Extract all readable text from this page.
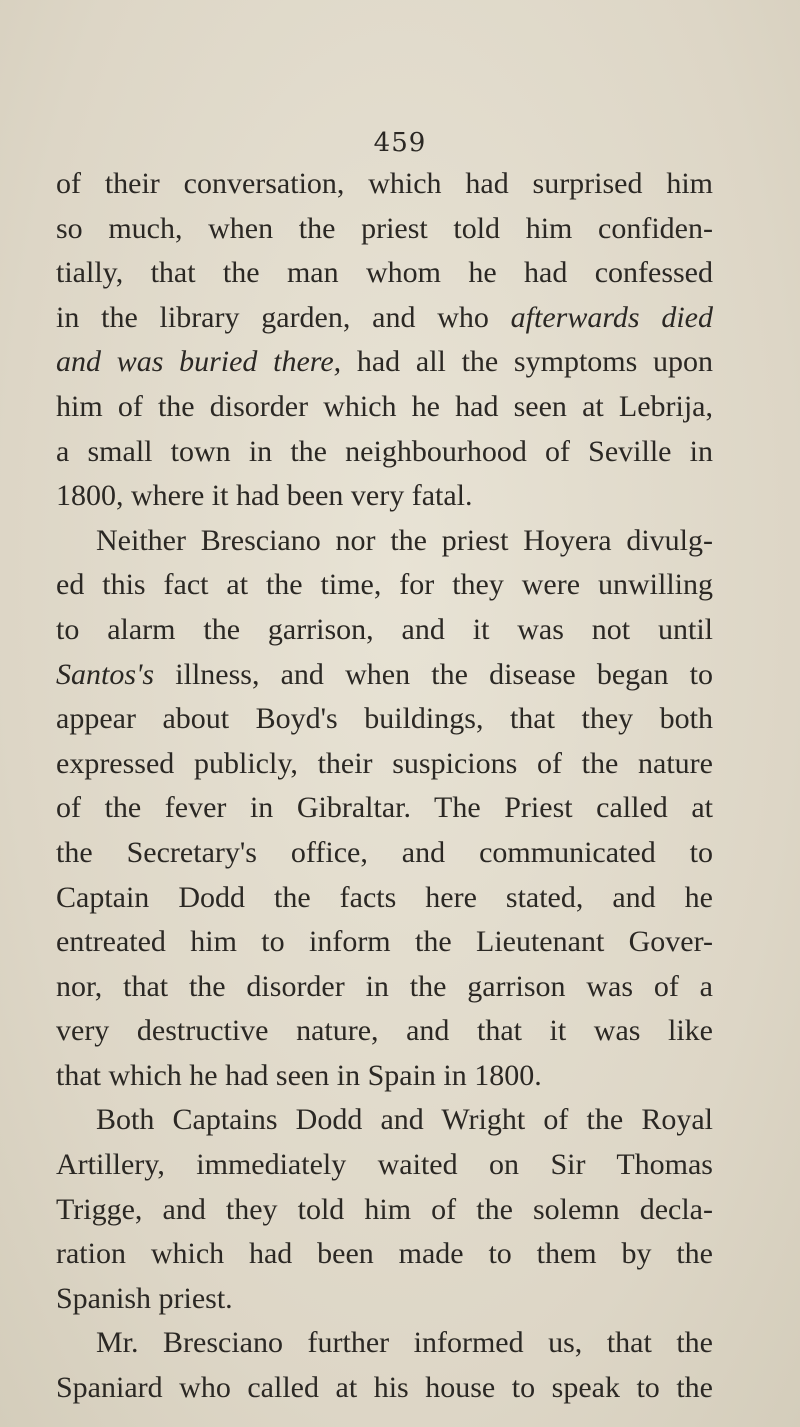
459
of their conversation, which had surprised him
so much, when the priest told him confiden-
tially, that the man whom he had confessed
in the library garden, and who afterwards died
and was buried there, had all the symptoms upon
him of the disorder which he had seen at Lebrija,
a small town in the neighbourhood of Seville in
1800, where it had been very fatal.
Neither Bresciano nor the priest Hoyera divulg-
ed this fact at the time, for they were unwilling
to alarm the garrison, and it was not until
Santos's illness, and when the disease began to
appear about Boyd's buildings, that they both
expressed publicly, their suspicions of the nature
of the fever in Gibraltar. The Priest called at
the Secretary's office, and communicated to
Captain Dodd the facts here stated, and he
entreated him to inform the Lieutenant Gover-
nor, that the disorder in the garrison was of a
very destructive nature, and that it was like
that which he had seen in Spain in 1800.
Both Captains Dodd and Wright of the Royal
Artillery, immediately waited on Sir Thomas
Trigge, and they told him of the solemn decla-
ration which had been made to them by the
Spanish priest.
Mr. Bresciano further informed us, that the
Spaniard who called at his house to speak to the
